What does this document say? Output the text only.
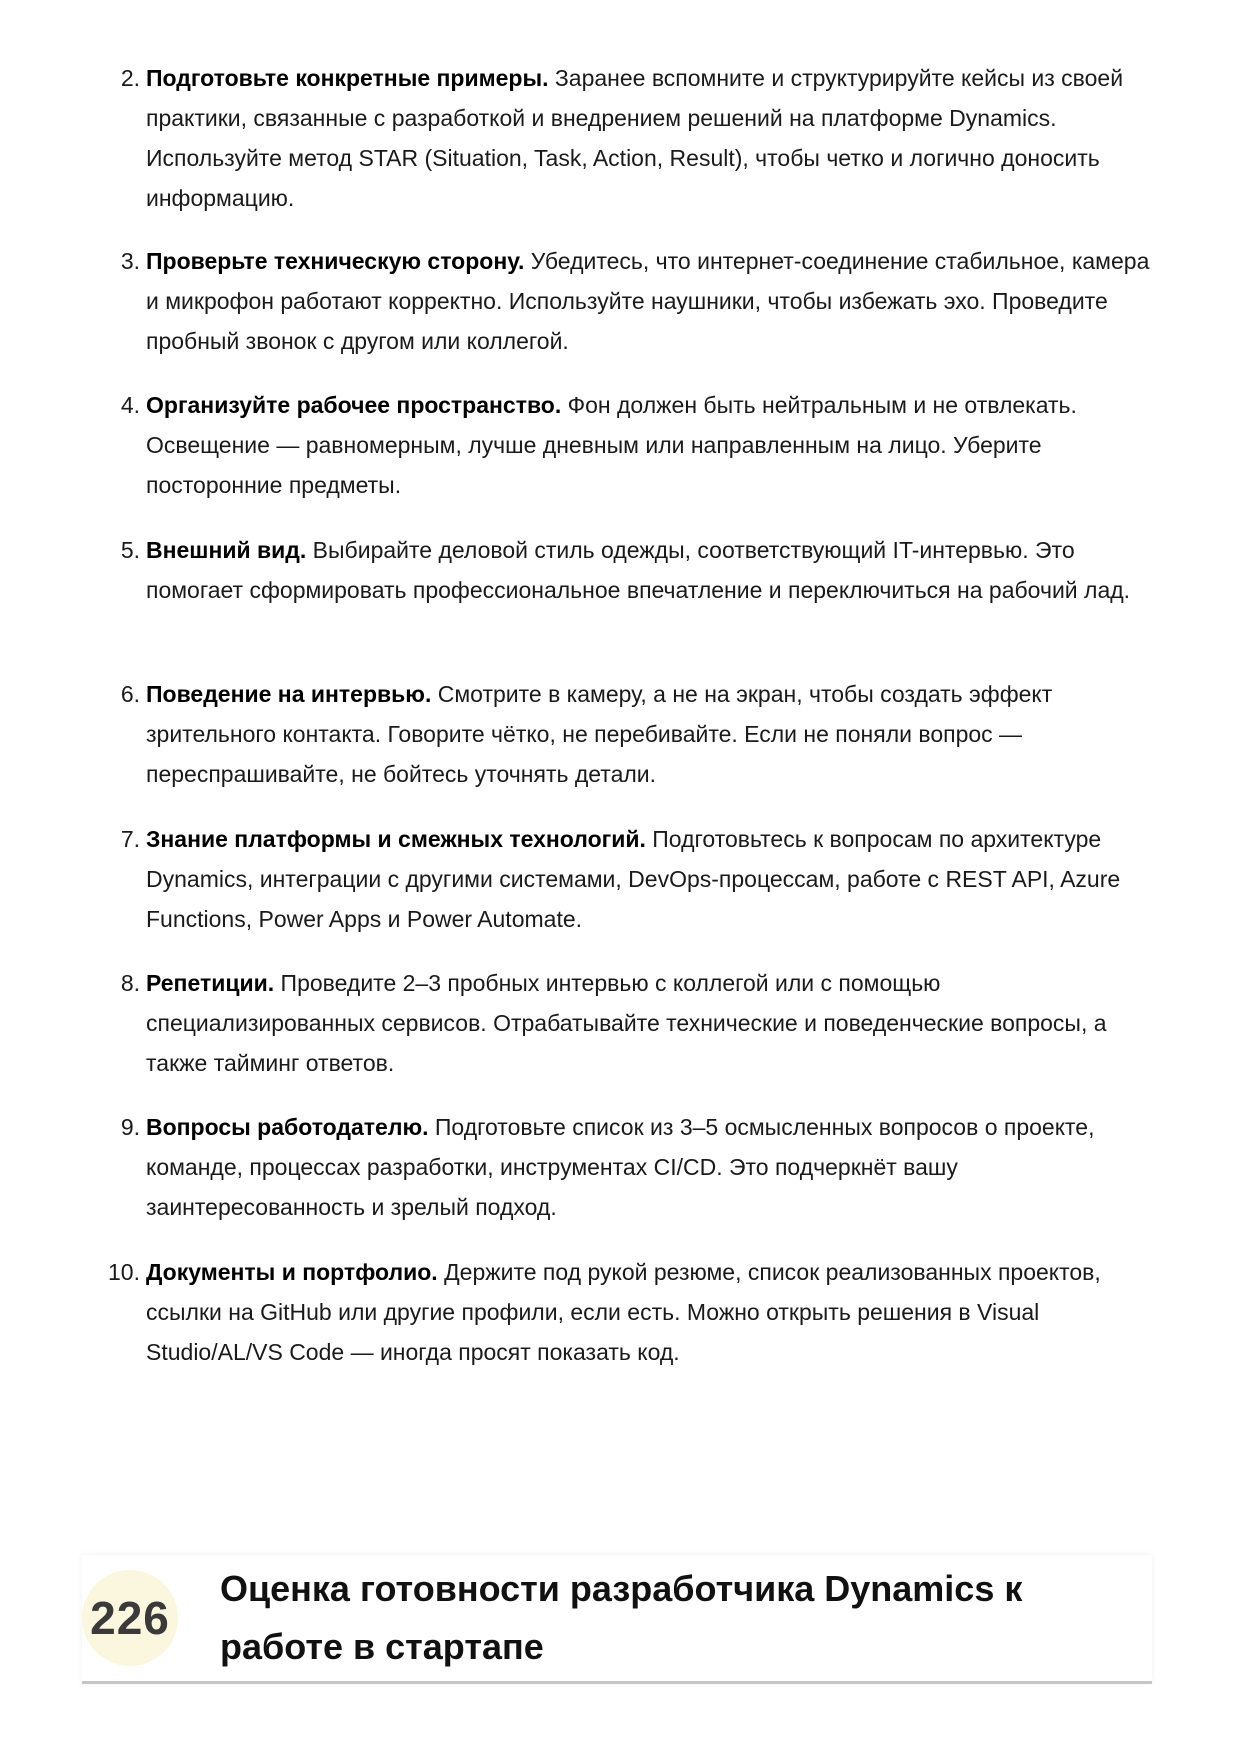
2. Подготовьте конкретные примеры. Заранее вспомните и структурируйте кейсы из своей практики, связанные с разработкой и внедрением решений на платформе Dynamics. Используйте метод STAR (Situation, Task, Action, Result), чтобы четко и логично доносить информацию.
3. Проверьте техническую сторону. Убедитесь, что интернет-соединение стабильное, камера и микрофон работают корректно. Используйте наушники, чтобы избежать эхо. Проведите пробный звонок с другом или коллегой.
4. Организуйте рабочее пространство. Фон должен быть нейтральным и не отвлекать. Освещение — равномерным, лучше дневным или направленным на лицо. Уберите посторонние предметы.
5. Внешний вид. Выбирайте деловой стиль одежды, соответствующий IT-интервью. Это помогает сформировать профессиональное впечатление и переключиться на рабочий лад.
6. Поведение на интервью. Смотрите в камеру, а не на экран, чтобы создать эффект зрительного контакта. Говорите чётко, не перебивайте. Если не поняли вопрос — переспрашивайте, не бойтесь уточнять детали.
7. Знание платформы и смежных технологий. Подготовьтесь к вопросам по архитектуре Dynamics, интеграции с другими системами, DevOps-процессам, работе с REST API, Azure Functions, Power Apps и Power Automate.
8. Репетиции. Проведите 2–3 пробных интервью с коллегой или с помощью специализированных сервисов. Отрабатывайте технические и поведенческие вопросы, а также тайминг ответов.
9. Вопросы работодателю. Подготовьте список из 3–5 осмысленных вопросов о проекте, команде, процессах разработки, инструментах CI/CD. Это подчеркнёт вашу заинтересованность и зрелый подход.
10. Документы и портфолио. Держите под рукой резюме, список реализованных проектов, ссылки на GitHub или другие профили, если есть. Можно открыть решения в Visual Studio/AL/VS Code — иногда просят показать код.
226
Оценка готовности разработчика Dynamics к работе в стартапе
